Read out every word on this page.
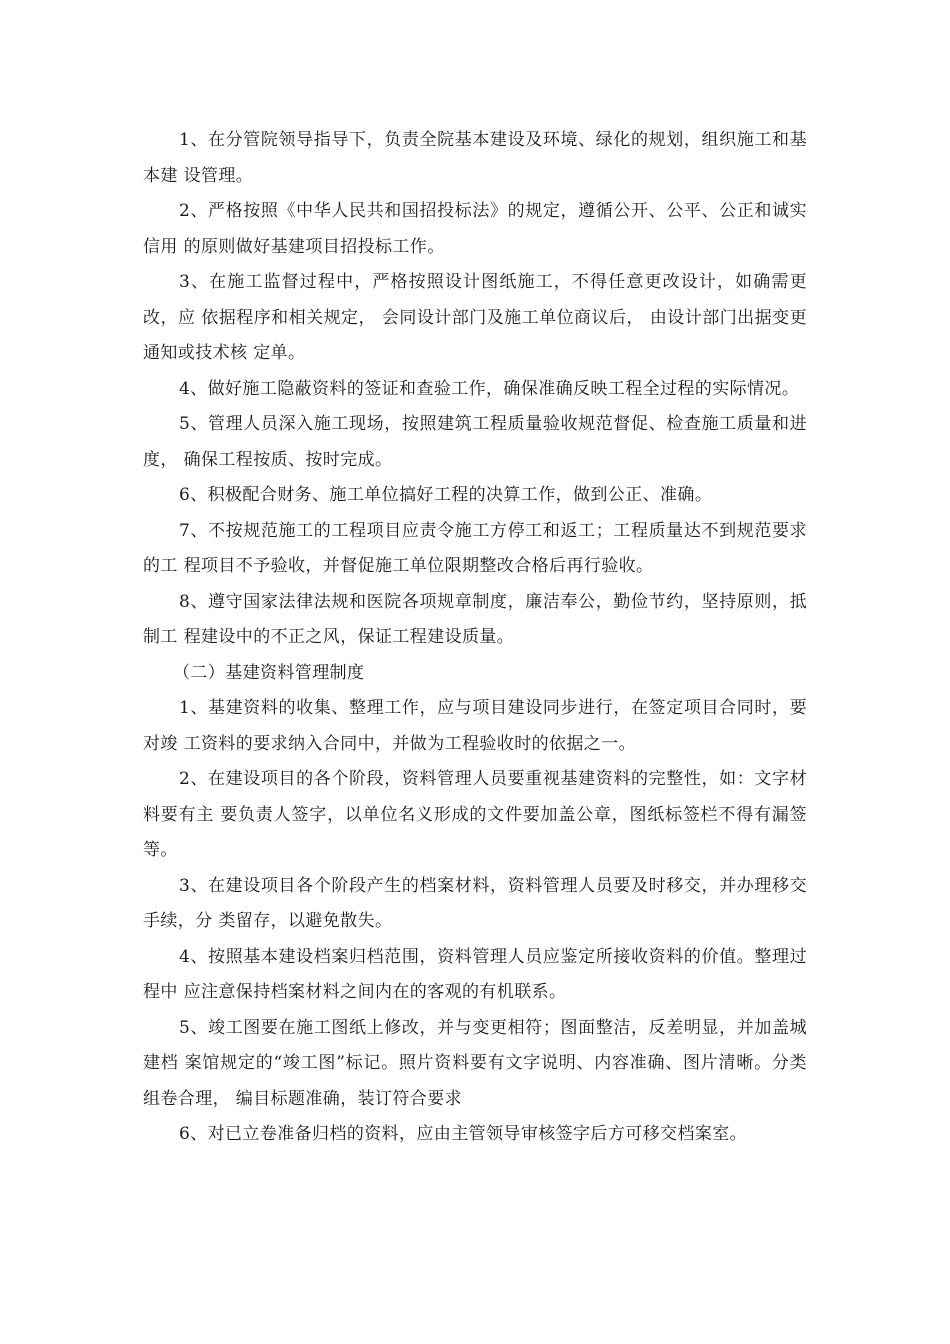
1、在分管院领导指导下，负责全院基本建设及环境、绿化的规划，组织施工和基本建 设管理。

2、严格按照《中华人民共和国招投标法》的规定，遵循公开、公平、公正和诚实信用 的原则做好基建项目招投标工作。

3、在施工监督过程中，严格按照设计图纸施工，不得任意更改设计，如确需更改，应 依据程序和相关规定， 会同设计部门及施工单位商议后， 由设计部门出据变更通知或技术核 定单。

4、做好施工隐蔽资料的签证和查验工作，确保准确反映工程全过程的实际情况。

5、管理人员深入施工现场，按照建筑工程质量验收规范督促、检查施工质量和进度， 确保工程按质、按时完成。

6、积极配合财务、施工单位搞好工程的决算工作，做到公正、准确。

7、不按规范施工的工程项目应责令施工方停工和返工；工程质量达不到规范要求的工 程项目不予验收，并督促施工单位限期整改合格后再行验收。

8、遵守国家法律法规和医院各项规章制度，廉洁奉公，勤俭节约，坚持原则，抵制工 程建设中的不正之风，保证工程建设质量。

（二）基建资料管理制度

1、基建资料的收集、整理工作，应与项目建设同步进行，在签定项目合同时，要对竣 工资料的要求纳入合同中，并做为工程验收时的依据之一。

2、在建设项目的各个阶段，资料管理人员要重视基建资料的完整性，如：文字材料要有主 要负责人签字，以单位名义形成的文件要加盖公章，图纸标签栏不得有漏签等。

3、在建设项目各个阶段产生的档案材料，资料管理人员要及时移交，并办理移交手续，分 类留存，以避免散失。

4、按照基本建设档案归档范围，资料管理人员应鉴定所接收资料的价值。整理过程中 应注意保持档案材料之间内在的客观的有机联系。

5、竣工图要在施工图纸上修改，并与变更相符；图面整洁，反差明显，并加盖城建档 案馆规定的“竣工图”标记。照片资料要有文字说明、内容准确、图片清晰。分类组卷合理， 编目标题准确，装订符合要求

6、对已立卷准备归档的资料，应由主管领导审核签字后方可移交档案室。
